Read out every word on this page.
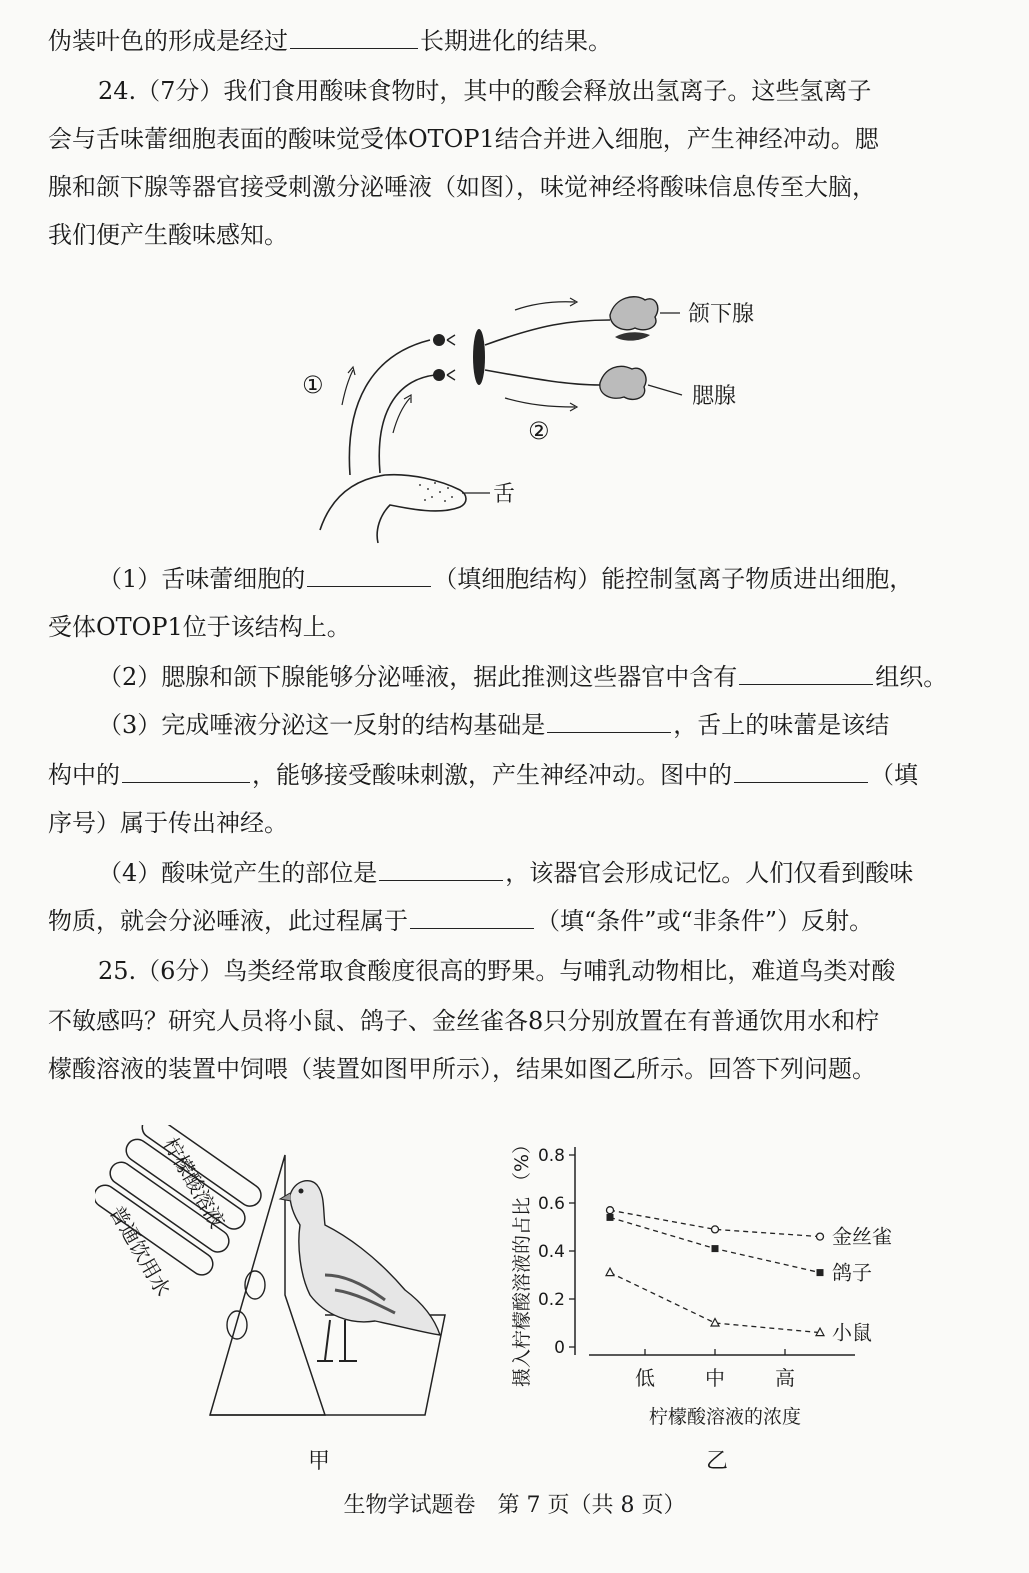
伪装叶色的形成是经过	长期进化的结果。
24.（7分）我们食用酸味食物时，其中的酸会释放出氢离子。这些氢离子
会与舌味蕾细胞表面的酸味觉受体OTOP1结合并进入细胞，产生神经冲动。腮
腺和颌下腺等器官接受刺激分泌唾液（如图），味觉神经将酸味信息传至大脑，
我们便产生酸味感知。
颌下腺
腮腺
舌
①
②
（1）舌味蕾细胞的	（填细胞结构）能控制氢离子物质进出细胞，
受体OTOP1位于该结构上。
（2）腮腺和颌下腺能够分泌唾液，据此推测这些器官中含有	组织。
（3）完成唾液分泌这一反射的结构基础是	，舌上的味蕾是该结
构中的	，能够接受酸味刺激，产生神经冲动。图中的	（填
序号）属于传出神经。
（4）酸味觉产生的部位是	，该器官会形成记忆。人们仅看到酸味
物质，就会分泌唾液，此过程属于	（填“条件”或“非条件”）反射。
25.（6分）鸟类经常取食酸度很高的野果。与哺乳动物相比，难道鸟类对酸
不敏感吗？研究人员将小鼠、鸽子、金丝雀各8只分别放置在有普通饮用水和柠
檬酸溶液的装置中饲喂（装置如图甲所示），结果如图乙所示。回答下列问题。
柠檬酸溶液
普通饮用水
甲
0
0.2
0.4
0.6
0.8
低	中	高
柠檬酸溶液的浓度
摄入柠檬酸溶液的占比 （%）	金丝雀
鸽子
小鼠
乙
生物学试题卷　第 7 页（共 8 页）
